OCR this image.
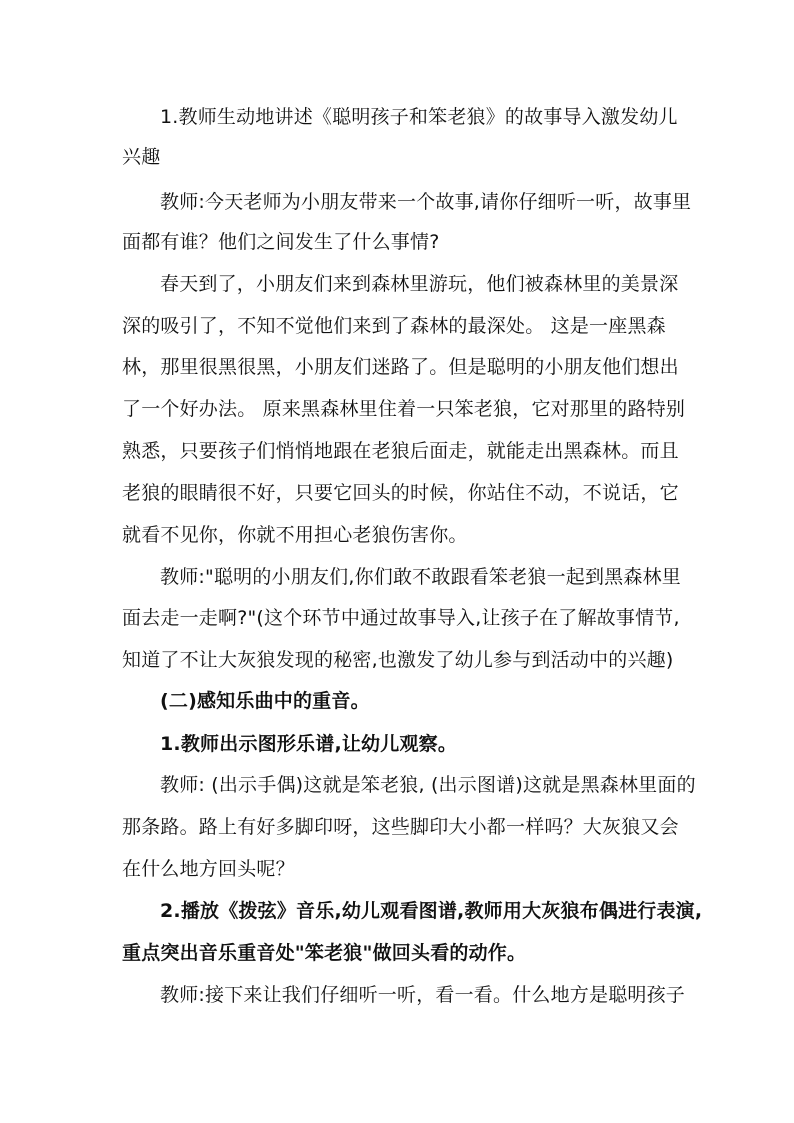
1.教师生动地讲述《聪明孩子和笨老狼》的故事导入激发幼儿
兴趣
教师:今天老师为小朋友带来一个故事,请你仔细听一听，故事里
面都有谁？他们之间发生了什么事情?
春天到了，小朋友们来到森林里游玩，他们被森林里的美景深
深的吸引了，不知不觉他们来到了森林的最深处。 这是一座黑森
林，那里很黑很黑，小朋友们迷路了。但是聪明的小朋友他们想出
了一个好办法。 原来黑森林里住着一只笨老狼，它对那里的路特别
熟悉，只要孩子们悄悄地跟在老狼后面走，就能走出黑森林。而且
老狼的眼睛很不好，只要它回头的时候，你站住不动，不说话，它
就看不见你，你就不用担心老狼伤害你。
教师:"聪明的小朋友们,你们敢不敢跟看笨老狼一起到黑森林里
面去走一走啊?"(这个环节中通过故事导入,让孩子在了解故事情节,
知道了不让大灰狼发现的秘密,也激发了幼儿参与到活动中的兴趣)
(二)感知乐曲中的重音。
1.教师出示图形乐谱,让幼儿观察。
教师: (出示手偶)这就是笨老狼, (出示图谱)这就是黑森林里面的
那条路。路上有好多脚印呀，这些脚印大小都一样吗？大灰狼又会
在什么地方回头呢？
2.播放《拨弦》音乐,幼儿观看图谱,教师用大灰狼布偶进行表演,
重点突出音乐重音处"笨老狼"做回头看的动作。
教师:接下来让我们仔细听一听，看一看。什么地方是聪明孩子
